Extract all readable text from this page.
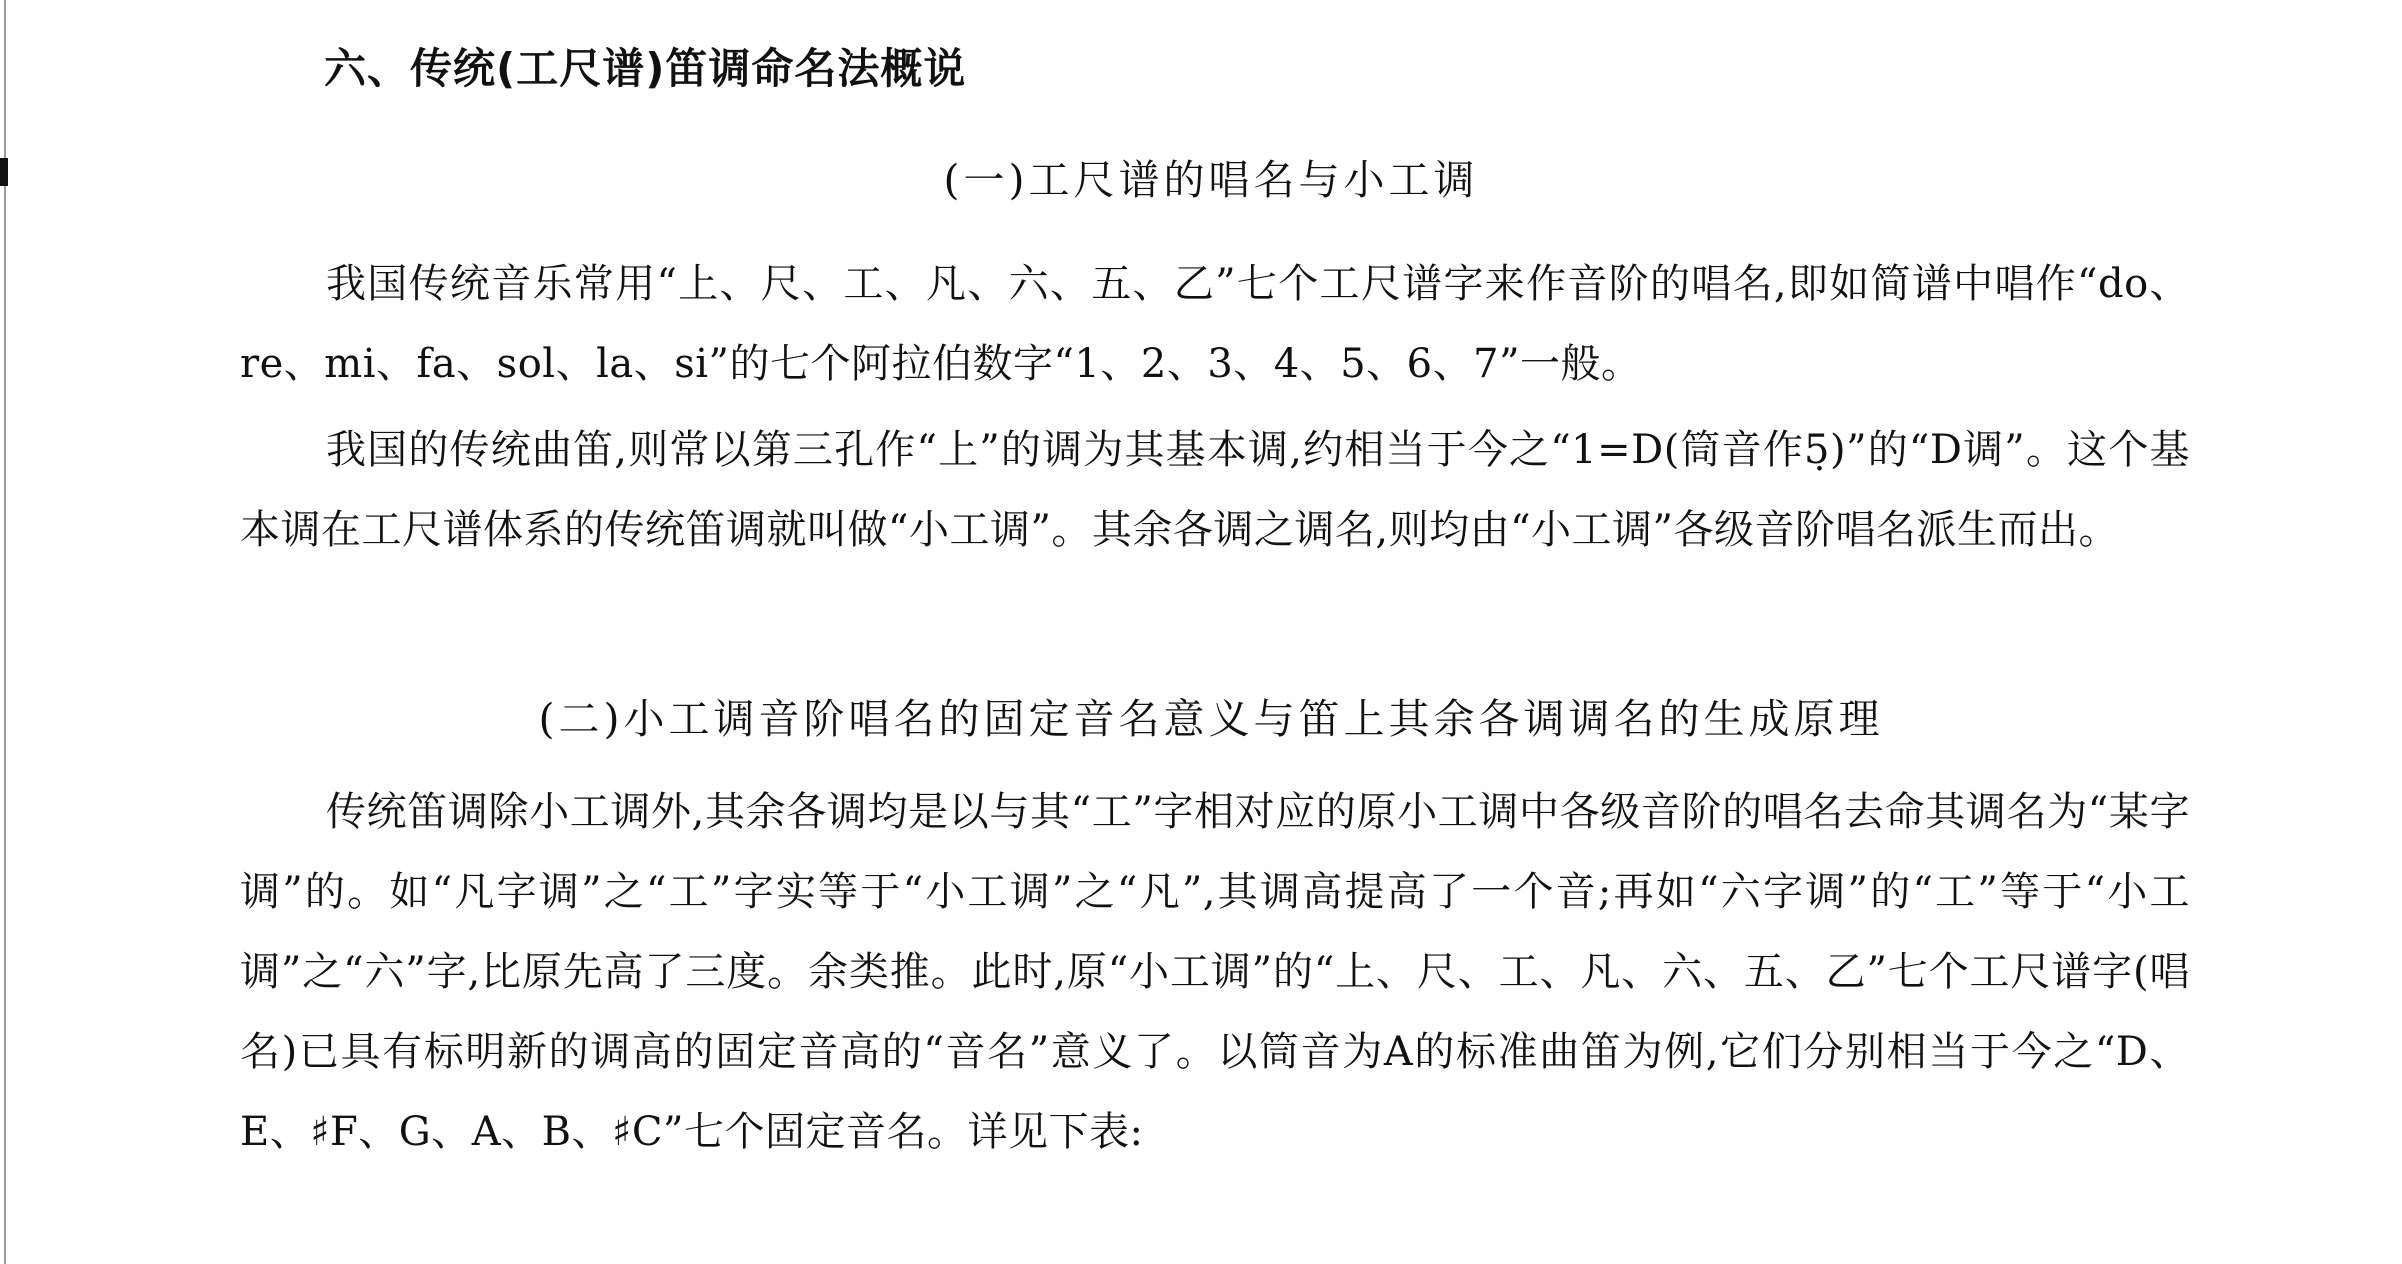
六、传统(工尺谱)笛调命名法概说
(一)工尺谱的唱名与小工调
我国传统音乐常用“上、尺、工、凡、六、五、乙”七个工尺谱字来作音阶的唱名,即如简谱中唱作“do、re、mi、fa、sol、la、si”的七个阿拉伯数字“1、2、3、4、5、6、7”一般。
我国的传统曲笛,则常以第三孔作“上”的调为其基本调,约相当于今之“1=D(筒音作5̣)”的“D调”。这个基本调在工尺谱体系的传统笛调就叫做“小工调”。其余各调之调名,则均由“小工调”各级音阶唱名派生而出。
(二)小工调音阶唱名的固定音名意义与笛上其余各调调名的生成原理
传统笛调除小工调外,其余各调均是以与其“工”字相对应的原小工调中各级音阶的唱名去命其调名为“某字调”的。如“凡字调”之“工”字实等于“小工调”之“凡”,其调高提高了一个音;再如“六字调”的“工”等于“小工调”之“六”字,比原先高了三度。余类推。此时,原“小工调”的“上、尺、工、凡、六、五、乙”七个工尺谱字(唱名)已具有标明新的调高的固定音高的“音名”意义了。以筒音为A的标准曲笛为例,它们分别相当于今之“D、E、♯F、G、A、B、♯C”七个固定音名。详见下表:
